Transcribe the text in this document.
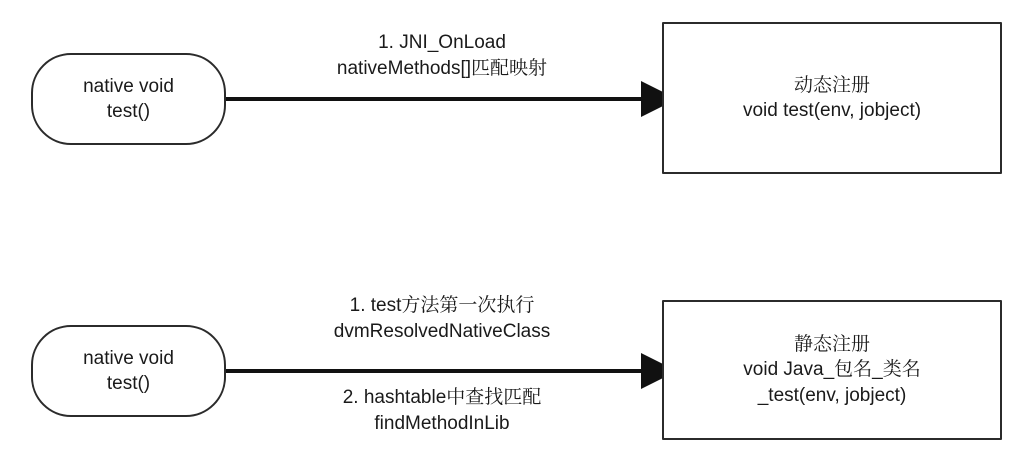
native void
test()
1. JNI_OnLoad
nativeMethods[]匹配映射
动态注册
void test(env, jobject)
native void
test()
1. test方法第一次执行
dvmResolvedNativeClass
2. hashtable中查找匹配
findMethodInLib
静态注册
void Java_包名_类名
_test(env, jobject)
